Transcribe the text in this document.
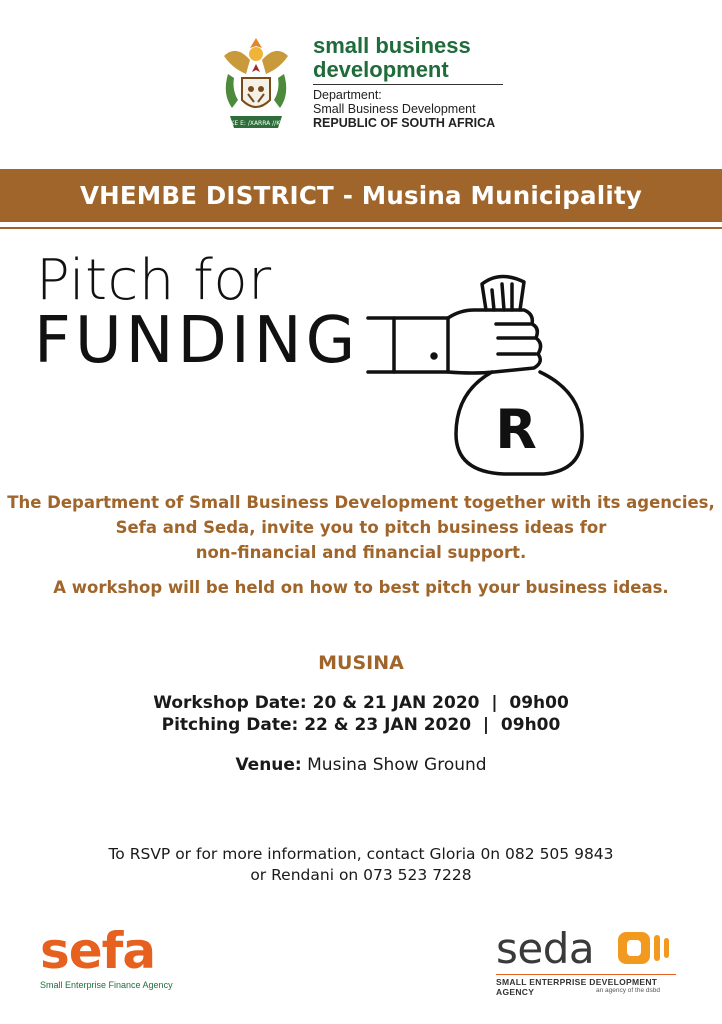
!KE E: /XARRA //KE
small business
development
Department:
Small Business Development
REPUBLIC OF SOUTH AFRICA
VHEMBE DISTRICT - Musina Municipality
Pitch for
FUNDING
R

The Department of Small Business Development together with its agencies,

Sefa and Seda, invite you to pitch business ideas for

non-financial and financial support.

A workshop will be held on how to best pitch your business ideas.

MUSINA
Workshop Date: 20 & 21 JAN 2020  |  09h00
Pitching Date: 22 & 23 JAN 2020  |  09h00
Venue: Musina Show Ground
To RSVP or for more information, contact Gloria 0n 082 505 9843
or Rendani on 073 523 7228
sefa
Small Enterprise Finance Agency
seda
SMALL ENTERPRISE DEVELOPMENT AGENCY	an agency of the dsbd
